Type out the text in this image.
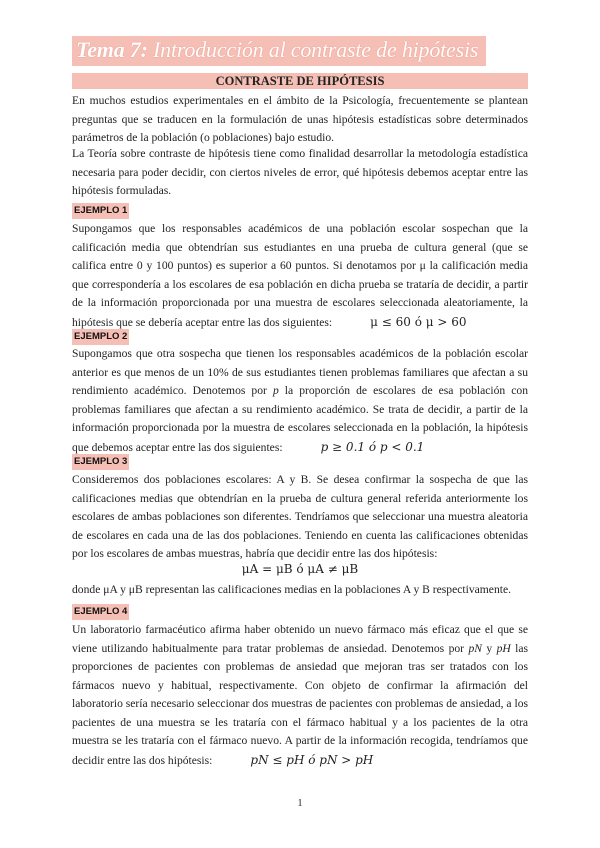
Tema 7: Introducción al contraste de hipótesis
CONTRASTE DE HIPÓTESIS

En muchos estudios experimentales en el ámbito de la Psicología, frecuentemente se plantean preguntas que se traducen en la formulación de unas hipótesis estadísticas sobre determinados parámetros de la población (o poblaciones) bajo estudio.

La Teoría sobre contraste de hipótesis tiene como finalidad desarrollar la metodología estadística necesaria para poder decidir, con ciertos niveles de error, qué hipótesis debemos aceptar entre las hipótesis formuladas.

EJEMPLO 1

Supongamos que los responsables académicos de una población escolar sospechan que la calificación media que obtendrían sus estudiantes en una prueba de cultura general (que se califica entre 0 y 100 puntos) es superior a 60 puntos. Si denotamos por μ la calificación media que correspondería a los escolares de esa población en dicha prueba se trataría de decidir, a partir de la información proporcionada por una muestra de escolares seleccionada aleatoriamente, la hipótesis que se debería aceptar entre las dos siguientes:	μ ≤ 60 ó μ > 60

EJEMPLO 2

Supongamos que otra sospecha que tienen los responsables académicos de la población escolar anterior es que menos de un 10% de sus estudiantes tienen problemas familiares que afectan a su rendimiento académico. Denotemos por p la proporción de escolares de esa población con problemas familiares que afectan a su rendimiento académico. Se trata de decidir, a partir de la información proporcionada por la muestra de escolares seleccionada en la población, la hipótesis que debemos aceptar entre las dos siguientes:	p ≥ 0.1 ó p < 0.1

EJEMPLO 3

Consideremos dos poblaciones escolares: A y B. Se desea confirmar la sospecha de que las calificaciones medias que obtendrían en la prueba de cultura general referida anteriormente los escolares de ambas poblaciones son diferentes. Tendríamos que seleccionar una muestra aleatoria de escolares en cada una de las dos poblaciones. Teniendo en cuenta las calificaciones obtenidas por los escolares de ambas muestras, habría que decidir entre las dos hipótesis:

μA = μB ó μA ≠ μB

donde μA y μB representan las calificaciones medias en la poblaciones A y B respectivamente.

EJEMPLO 4

Un laboratorio farmacéutico afirma haber obtenido un nuevo fármaco más eficaz que el que se viene utilizando habitualmente para tratar problemas de ansiedad. Denotemos por pN y pH las proporciones de pacientes con problemas de ansiedad que mejoran tras ser tratados con los fármacos nuevo y habitual, respectivamente. Con objeto de confirmar la afirmación del laboratorio sería necesario seleccionar dos muestras de pacientes con problemas de ansiedad, a los pacientes de una muestra se les trataría con el fármaco habitual y a los pacientes de la otra muestra se les trataría con el fármaco nuevo. A partir de la información recogida, tendríamos que decidir entre las dos hipótesis:	pN ≤ pH ó pN > pH

1
